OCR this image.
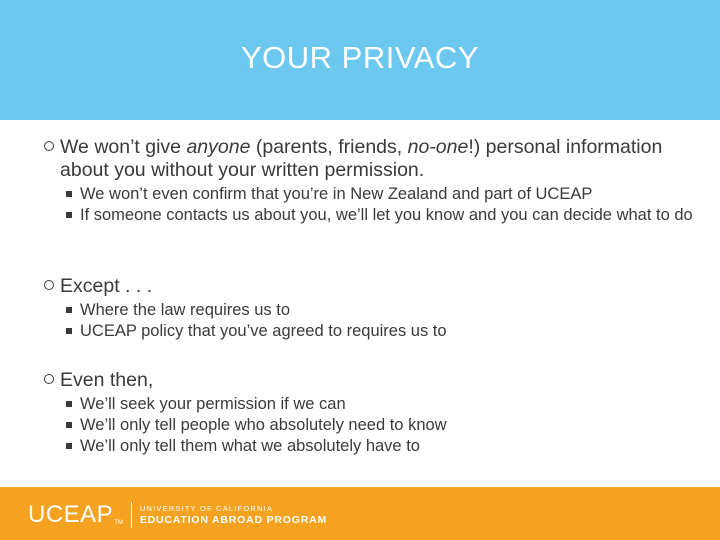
YOUR PRIVACY
We won’t give anyone (parents, friends, no-one!) personal information about you without your written permission.
We won’t even confirm that you’re in New Zealand and part of UCEAP
If someone contacts us about you, we’ll let you know and you can decide what to do
Except . . .
Where the law requires us to
UCEAP policy that you’ve agreed to requires us to
Even then,
We’ll seek your permission if we can
We’ll only tell people who absolutely need to know
We’ll only tell them what we absolutely have to
UCEAP TM
UNIVERSITY OF CALIFORNIA
EDUCATION ABROAD PROGRAM
